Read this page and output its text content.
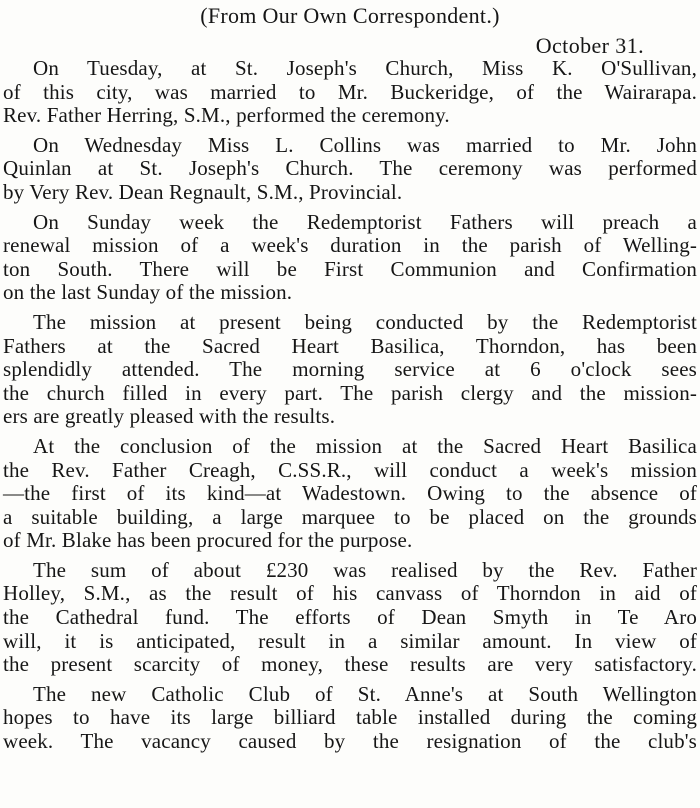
(From Our Own Correspondent.)
October 31.
On Tuesday, at St. Joseph's Church, Miss K. O'Sullivan,
of this city, was married to Mr. Buckeridge, of the Wairarapa.
Rev. Father Herring, S.M., performed the ceremony.
On Wednesday Miss L. Collins was married to Mr. John
Quinlan at St. Joseph's Church. The ceremony was performed
by Very Rev. Dean Regnault, S.M., Provincial.
On Sunday week the Redemptorist Fathers will preach a
renewal mission of a week's duration in the parish of Welling-
ton South. There will be First Communion and Confirmation
on the last Sunday of the mission.
The mission at present being conducted by the Redemptorist
Fathers at the Sacred Heart Basilica, Thorndon, has been
splendidly attended. The morning service at 6 o'clock sees
the church filled in every part. The parish clergy and the mission-
ers are greatly pleased with the results.
At the conclusion of the mission at the Sacred Heart Basilica
the Rev. Father Creagh, C.SS.R., will conduct a week's mission
—the first of its kind—at Wadestown. Owing to the absence of
a suitable building, a large marquee to be placed on the grounds
of Mr. Blake has been procured for the purpose.
The sum of about £230 was realised by the Rev. Father
Holley, S.M., as the result of his canvass of Thorndon in aid of
the Cathedral fund. The efforts of Dean Smyth in Te Aro
will, it is anticipated, result in a similar amount. In view of
the present scarcity of money, these results are very satisfactory.
The new Catholic Club of St. Anne's at South Wellington
hopes to have its large billiard table installed during the coming
week. The vacancy caused by the resignation of the club's
